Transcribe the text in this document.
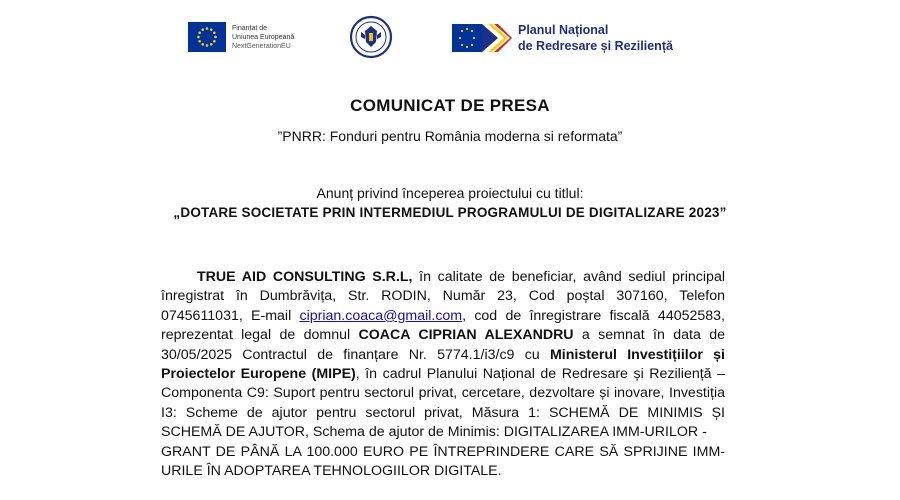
Finanțat de
Uniunea Europeană
NextGenerationEU
Planul Național
de Redresare și Reziliență
COMUNICAT DE PRESA
”PNRR: Fonduri pentru România moderna si reformata”
Anunț privind începerea proiectului cu titlul:
„DOTARE SOCIETATE PRIN INTERMEDIUL PROGRAMULUI DE DIGITALIZARE 2023”

TRUE AID CONSULTING S.R.L, în calitate de beneficiar, având sediul principal înregistrat în Dumbrăvița, Str. RODIN, Număr 23, Cod poștal 307160, Telefon 0745611031, E-mail ciprian.coaca@gmail.com, cod de înregistrare fiscală 44052583, reprezentat legal de domnul COACA CIPRIAN ALEXANDRU a semnat în data de 30/05/2025 Contractul de finanțare Nr. 5774.1/i3/c9 cu Ministerul Investițiilor și Proiectelor Europene (MIPE), în cadrul Planului Național de Redresare și Reziliență – Componenta C9: Suport pentru sectorul privat, cercetare, dezvoltare și inovare, Investiția I3: Scheme de ajutor pentru sectorul privat, Măsura 1: SCHEMĂ DE MINIMIS ȘI SCHEMĂ DE AJUTOR, Schema de ajutor de Minimis: DIGITALIZAREA IMM-URILOR -

GRANT DE PÂNĂ LA 100.000 EURO PE ÎNTREPRINDERE CARE SĂ SPRIJINE IMM-URILE ÎN ADOPTAREA TEHNOLOGIILOR DIGITALE.
